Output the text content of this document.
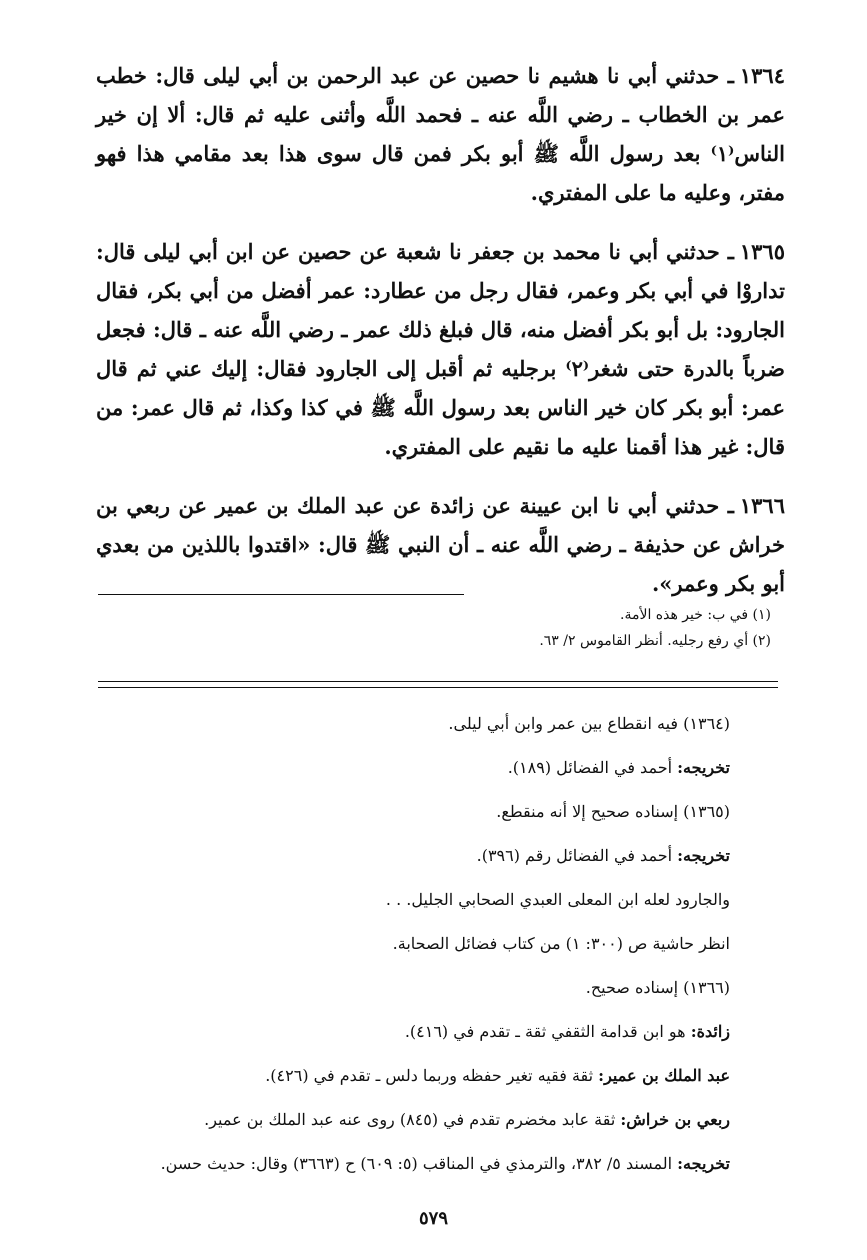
١٣٦٤ـ حدثني أبي نا هشيم نا حصين عن عبد الرحمن بن أبي ليلى قال: خطب عمر بن الخطاب ـ رضي اللَّه عنه ـ فحمد اللَّه وأثنى عليه ثم قال: ألا إن خير الناس⁽١⁾ بعد رسول اللَّه ﷺ أبو بكر فمن قال سوى هذا بعد مقامي هذا فهو مفتر، وعليه ما على المفتري.

١٣٦٥ـ حدثني أبي نا محمد بن جعفر نا شعبة عن حصين عن ابن أبي ليلى قال: تداروْا في أبي بكر وعمر، فقال رجل من عطارد: عمر أفضل من أبي بكر، فقال الجارود: بل أبو بكر أفضل منه، قال فبلغ ذلك عمر ـ رضي اللَّه عنه ـ قال: فجعل ضرباً بالدرة حتى شغر⁽٢⁾ برجليه ثم أقبل إلى الجارود فقال: إليك عني ثم قال عمر: أبو بكر كان خير الناس بعد رسول اللَّه ﷺ في كذا وكذا، ثم قال عمر: من قال: غير هذا أقمنا عليه ما نقيم على المفتري.

١٣٦٦ـ حدثني أبي نا ابن عيينة عن زائدة عن عبد الملك بن عمير عن ربعي بن خراش عن حذيفة ـ رضي اللَّه عنه ـ أن النبي ﷺ قال: «اقتدوا باللذين من بعدي أبو بكر وعمر».

(١) في ب: خير هذه الأمة.
(٢) أي رفع رجليه. أنظر القاموس ٢/ ٦٣.
(١٣٦٤) فيه انقطاع بين عمر وابن أبي ليلى.
تخريجه: أحمد في الفضائل (١٨٩).
(١٣٦٥) إسناده صحيح إلا أنه منقطع.
تخريجه: أحمد في الفضائل رقم (٣٩٦).
والجارود لعله ابن المعلى العبدي الصحابي الجليل. . .
انظر حاشية ص (٣٠٠: ١) من كتاب فضائل الصحابة.
(١٣٦٦) إسناده صحيح.
زائدة: هو ابن قدامة الثقفي ثقة ـ تقدم في (٤١٦).
عبد الملك بن عمير: ثقة فقيه تغير حفظه وربما دلس ـ تقدم في (٤٢٦).
ربعي بن خراش: ثقة عابد مخضرم تقدم في (٨٤٥) روى عنه عبد الملك بن عمير.
تخريجه: المسند ٥/ ٣٨٢، والترمذي في المناقب (٥: ٦٠٩) ح (٣٦٦٣) وقال: حديث حسن.
٥٧٩
